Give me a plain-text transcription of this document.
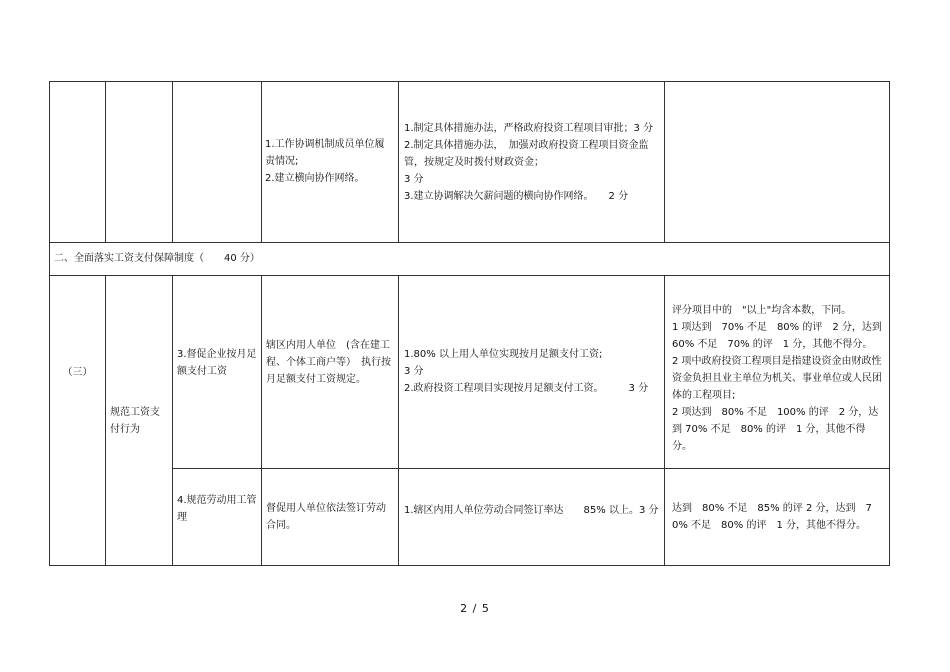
1.工作协调机制成员单位履责情况;

2.建立横向协作网络。

1.制定具体措施办法，严格政府投资工程项目审批；3 分 2.制定具体措施办法，　加强对政府投资工程项目资金监管，按规定及时拨付财政资金；

3 分

3.建立协调解决欠薪问题的横向协作网络。　　2 分

二、全面落实工资支付保障制度（　　40 分）
（三）
规范工资支付行为
3.督促企业按月足额支付工资
辖区内用人单位　(含在建工程、个体工商户等）　执行按月足额支付工资规定。

1.80% 以上用人单位实现按月足额支付工资;

3 分

2.政府投资工程项目实现按月足额支付工资。　　　3 分

评分项目中的　"以上"均含本数，下同。

1 项达到　70% 不足　80% 的评　2 分，达到 60% 不足　70% 的评　1 分，其他不得分。

2 项中政府投资工程项目是指建设资金由财政性资金负担且业主单位为机关、事业单位或人民团体的工程项目;

2 项达到　80% 不足　100% 的评　2 分，达到 70% 不足　80% 的评　1 分，其他不得分。

4.规范劳动用工管理
督促用人单位依法签订劳动合同。
1.辖区内用人单位劳动合同签订率达　　85% 以上。3 分 达到　80% 不足　85% 的评 2 分，达到　70% 不足　80% 的评　1 分，其他不得分。
2 / 5
